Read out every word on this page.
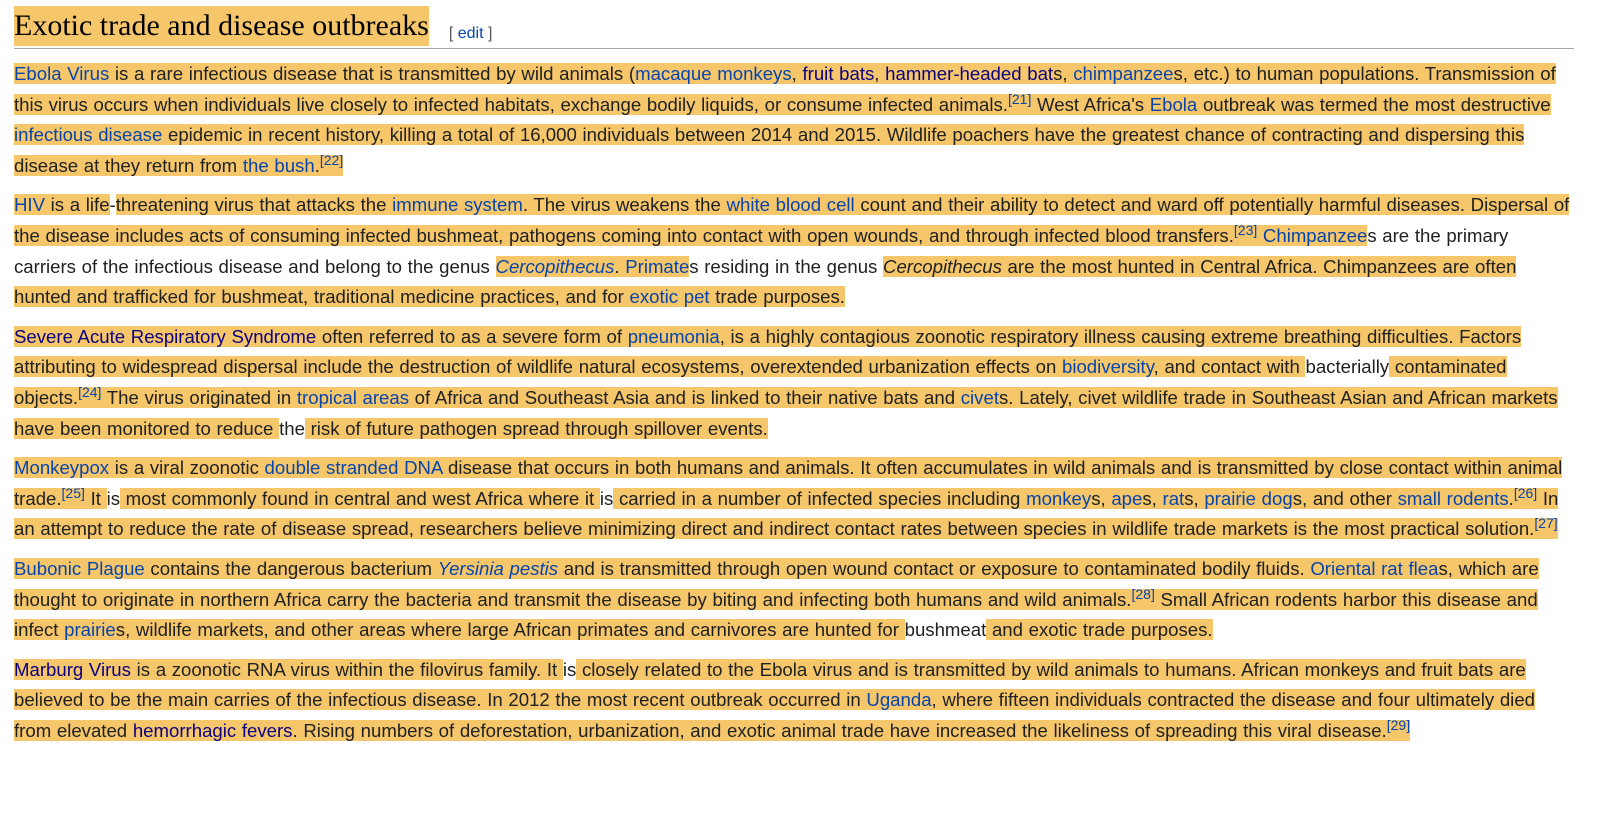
Exotic trade and disease outbreaks [ edit ]

Ebola Virus is a rare infectious disease that is transmitted by wild animals (macaque monkeys, fruit bats, hammer-headed bats, chimpanzees, etc.) to human populations. Transmission of this virus occurs when individuals live closely to infected habitats, exchange bodily liquids, or consume infected animals.[21] West Africa's Ebola outbreak was termed the most destructive infectious disease epidemic in recent history, killing a total of 16,000 individuals between 2014 and 2015. Wildlife poachers have the greatest chance of contracting and dispersing this disease at they return from the bush.[22]

HIV is a life-threatening virus that attacks the immune system. The virus weakens the white blood cell count and their ability to detect and ward off potentially harmful diseases. Dispersal of the disease includes acts of consuming infected bushmeat, pathogens coming into contact with open wounds, and through infected blood transfers.[23] Chimpanzees are the primary carriers of the infectious disease and belong to the genus Cercopithecus. Primates residing in the genus Cercopithecus are the most hunted in Central Africa. Chimpanzees are often hunted and trafficked for bushmeat, traditional medicine practices, and for exotic pet trade purposes.

Severe Acute Respiratory Syndrome often referred to as a severe form of pneumonia, is a highly contagious zoonotic respiratory illness causing extreme breathing difficulties. Factors attributing to widespread dispersal include the destruction of wildlife natural ecosystems, overextended urbanization effects on biodiversity, and contact with bacterially contaminated objects.[24] The virus originated in tropical areas of Africa and Southeast Asia and is linked to their native bats and civets. Lately, civet wildlife trade in Southeast Asian and African markets have been monitored to reduce the risk of future pathogen spread through spillover events.

Monkeypox is a viral zoonotic double stranded DNA disease that occurs in both humans and animals. It often accumulates in wild animals and is transmitted by close contact within animal trade.[25] It is most commonly found in central and west Africa where it is carried in a number of infected species including monkeys, apes, rats, prairie dogs, and other small rodents.[26] In an attempt to reduce the rate of disease spread, researchers believe minimizing direct and indirect contact rates between species in wildlife trade markets is the most practical solution.[27]

Bubonic Plague contains the dangerous bacterium Yersinia pestis and is transmitted through open wound contact or exposure to contaminated bodily fluids. Oriental rat fleas, which are thought to originate in northern Africa carry the bacteria and transmit the disease by biting and infecting both humans and wild animals.[28] Small African rodents harbor this disease and infect prairies, wildlife markets, and other areas where large African primates and carnivores are hunted for bushmeat and exotic trade purposes.

Marburg Virus is a zoonotic RNA virus within the filovirus family. It is closely related to the Ebola virus and is transmitted by wild animals to humans. African monkeys and fruit bats are believed to be the main carries of the infectious disease. In 2012 the most recent outbreak occurred in Uganda, where fifteen individuals contracted the disease and four ultimately died from elevated hemorrhagic fevers. Rising numbers of deforestation, urbanization, and exotic animal trade have increased the likeliness of spreading this viral disease.[29]
